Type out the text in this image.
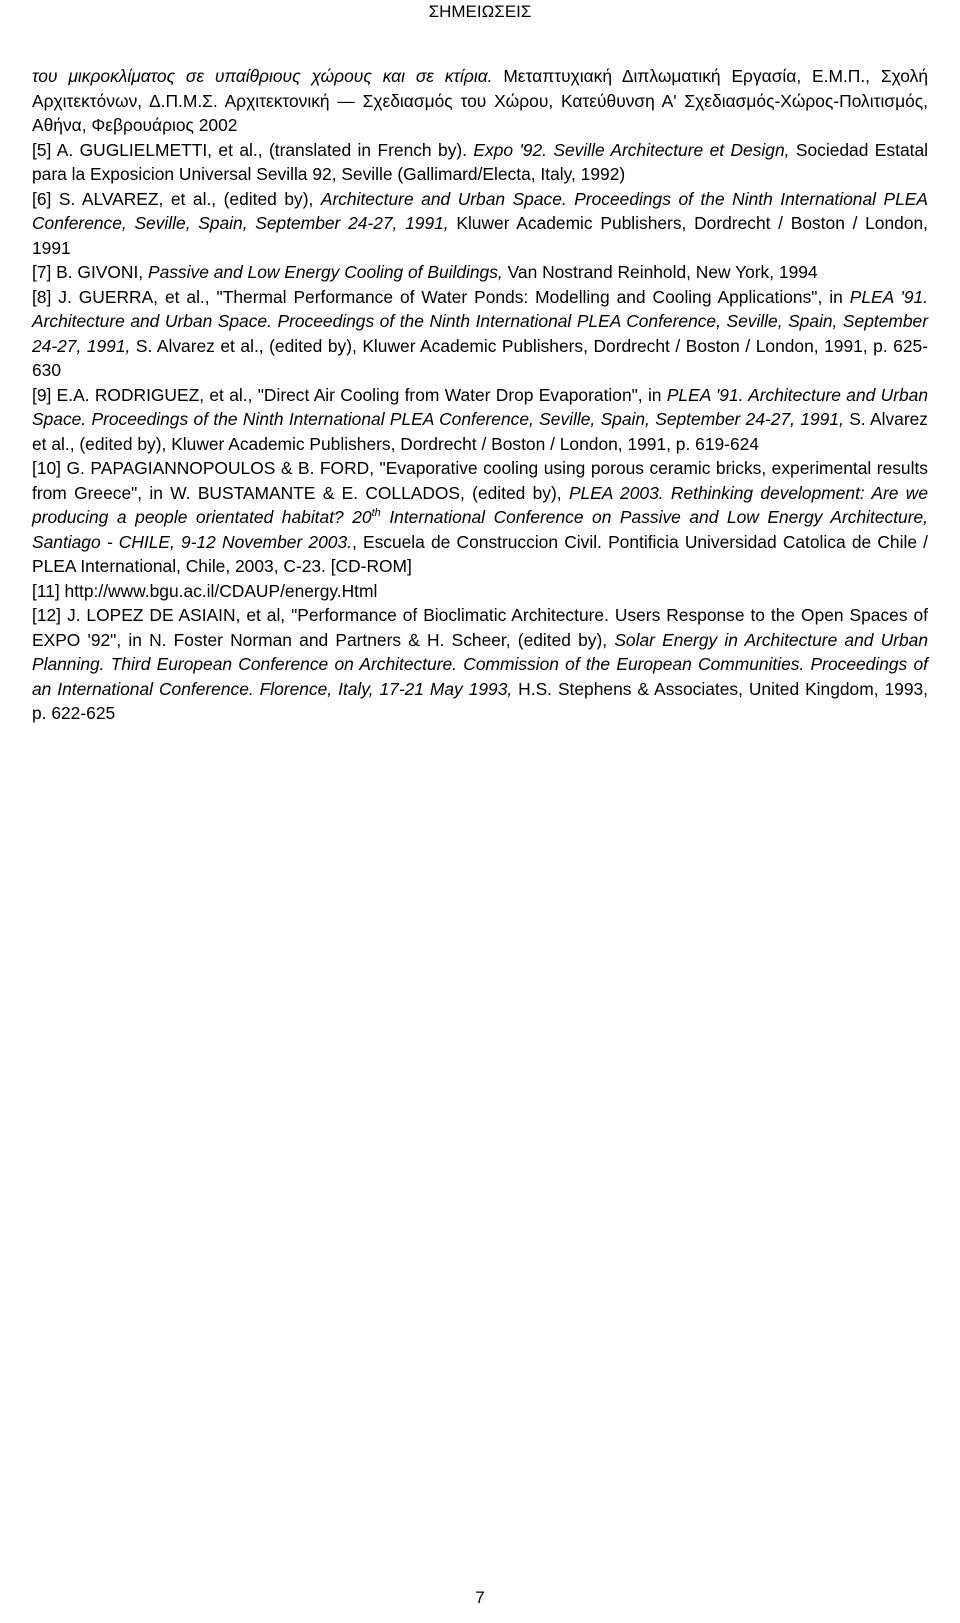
ΣΗΜΕΙΩΣΕΙΣ

του μικροκλίματος σε υπαίθριους χώρους και σε κτίρια. Μεταπτυχιακή Διπλωματική Εργασία, Ε.Μ.Π., Σχολή Αρχιτεκτόνων, Δ.Π.Μ.Σ. Αρχιτεκτονική — Σχεδιασμός του Χώρου, Κατεύθυνση Α' Σχεδιασμός-Χώρος-Πολιτισμός, Αθήνα, Φεβρουάριος 2002

[5] A. GUGLIELMETTI, et al., (translated in French by). Expo '92. Seville Architecture et Design, Sociedad Estatal para la Exposicion Universal Sevilla 92, Seville (Gallimard/Electa, Italy, 1992)

[6] S. ALVAREZ, et al., (edited by), Architecture and Urban Space. Proceedings of the Ninth International PLEA Conference, Seville, Spain, September 24-27, 1991, Kluwer Academic Publishers, Dordrecht / Boston / London, 1991

[7] B. GIVONI, Passive and Low Energy Cooling of Buildings, Van Nostrand Reinhold, New York, 1994

[8] J. GUERRA, et al., "Thermal Performance of Water Ponds: Modelling and Cooling Applications", in PLEA '91. Architecture and Urban Space. Proceedings of the Ninth International PLEA Conference, Seville, Spain, September 24-27, 1991, S. Alvarez et al., (edited by), Kluwer Academic Publishers, Dordrecht / Boston / London, 1991, p. 625-630

[9] E.A. RODRIGUEZ, et al., "Direct Air Cooling from Water Drop Evaporation", in PLEA '91. Architecture and Urban Space. Proceedings of the Ninth International PLEA Conference, Seville, Spain, September 24-27, 1991, S. Alvarez et al., (edited by), Kluwer Academic Publishers, Dordrecht / Boston / London, 1991, p. 619-624

[10] G. PAPAGIANNOPOULOS & B. FORD, "Evaporative cooling using porous ceramic bricks, experimental results from Greece", in W. BUSTAMANTE & E. COLLADOS, (edited by), PLEA 2003. Rethinking development: Are we producing a people orientated habitat? 20th International Conference on Passive and Low Energy Architecture, Santiago - CHILE, 9-12 November 2003., Escuela de Construccion Civil. Pontificia Universidad Catolica de Chile / PLEA International, Chile, 2003, C-23. [CD-ROM]

[11] http://www.bgu.ac.il/CDAUP/energy.Html

[12] J. LOPEZ DE ASIAIN, et al, "Performance of Bioclimatic Architecture. Users Response to the Open Spaces of EXPO '92", in N. Foster Norman and Partners & H. Scheer, (edited by), Solar Energy in Architecture and Urban Planning. Third European Conference on Architecture. Commission of the European Communities. Proceedings of an International Conference. Florence, Italy, 17-21 May 1993, H.S. Stephens & Associates, United Kingdom, 1993, p. 622-625

7
